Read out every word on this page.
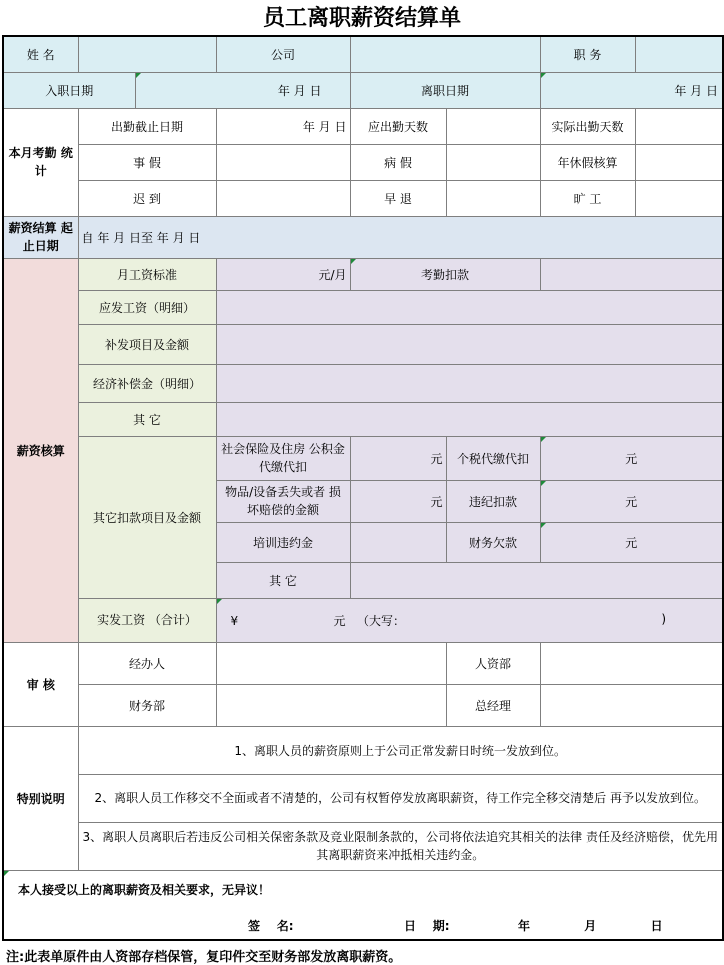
员工离职薪资结算单
姓 名			公司			职 务	
入职日期		年 月 日		离职日期		年 月 日	
本月考勤 统 计	出勤截止日期		年 月 日	应出勤天数		实际出勤天数	
	事 假			病 假		年休假核算	
	迟 到			早 退		旷 工	
薪资结算 起止日期	自 年 月 日至 年 月 日						
薪资核算	月工资标准		元/月	考勤扣款			
	应发工资（明细）						
	补发项目及金额						
	经济补偿金（明细）						
	其 它						
	其它扣款项目及金额		社会保险及住房 公积金代缴代扣	元	个税代缴代扣	元	
			物品/设备丢失或者 损坏赔偿的金额	元	违纪扣款	元	
			培训违约金		财务欠款	元	
			其 它				
	实发工资 （合计）		¥                         元   （大写： )				

审 核	经办人				人资部		
	财务部				总经理		
特别说明	1、离职人员的薪资原则上于公司正常发薪日时统一发放到位。						
	2、离职人员工作移交不全面或者不清楚的，公司有权暂停发放离职薪资，待工作完全移交清楚后 再予以发放到位。						
	3、离职人员离职后若违反公司相关保密条款及竞业限制条款的，公司将依法追究其相关的法律 责任及经济赔偿，优先用其离职薪资来冲抵相关违约金。						

本人接受以上的离职薪资及相关要求，无异议！
签    名: 日    期: 年             月             日							
注:此表单原件由人资部存档保管，复印件交至财务部发放离职薪资。
